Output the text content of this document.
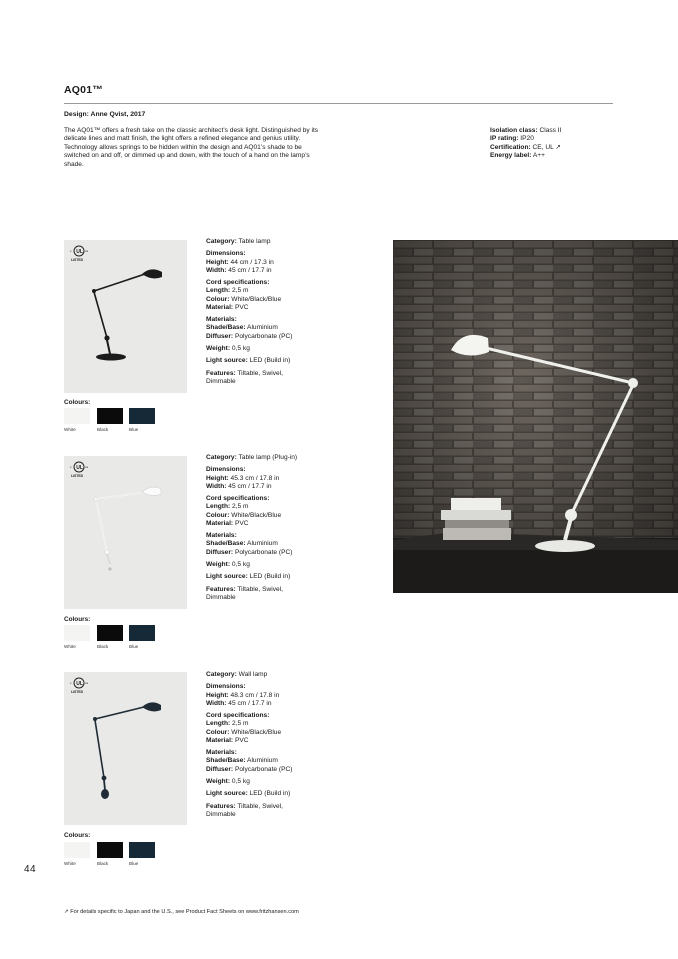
AQ01™
Design: Anne Qvist, 2017
The AQ01™ offers a fresh take on the classic architect’s desk light. Distinguished by its delicate lines and matt finish, the light offers a refined elegance and genius utility. Technology allows springs to be hidden within the design and AQ01’s shade to be switched on and off, or dimmed up and down, with the touch of a hand on the lamp’s shade.
Isolation class: Class II
IP rating: IP20
Certification: CE, UL ↗
Energy label: A++
UL
c	us
LISTED
Category: Table lamp
Dimensions:
Height: 44 cm / 17.3 in
Width: 45 cm / 17.7 in
Cord specifications:
Length: 2,5 m
Colour: White/Black/Blue
Material: PVC
Materials:
Shade/Base: Aluminium
Diffuser: Polycarbonate (PC)
Weight: 0,5 kg
Light source: LED (Build in)
Features: Tiltable, Swivel, Dimmable
Colours:
White	Black	Blue
UL
c	us
LISTED
Category: Table lamp (Plug-in)
Dimensions:
Height: 45.3 cm / 17.8 in
Width: 45 cm / 17.7 in
Cord specifications:
Length: 2,5 m
Colour: White/Black/Blue
Material: PVC
Materials:
Shade/Base: Aluminium
Diffuser: Polycarbonate (PC)
Weight: 0,5 kg
Light source: LED (Build in)
Features: Tiltable, Swivel, Dimmable
Colours:
White	Black	Blue
UL
c	us
LISTED
Category: Wall lamp
Dimensions:
Height: 48.3 cm / 17.8 in
Width: 45 cm / 17.7 in
Cord specifications:
Length: 2,5 m
Colour: White/Black/Blue
Material: PVC
Materials:
Shade/Base: Aluminium
Diffuser: Polycarbonate (PC)
Weight: 0,5 kg
Light source: LED (Build in)
Features: Tiltable, Swivel, Dimmable
Colours:
White	Black	Blue
44
↗ For details specific to Japan and the U.S., see Product Fact Sheets on www.fritzhansen.com
